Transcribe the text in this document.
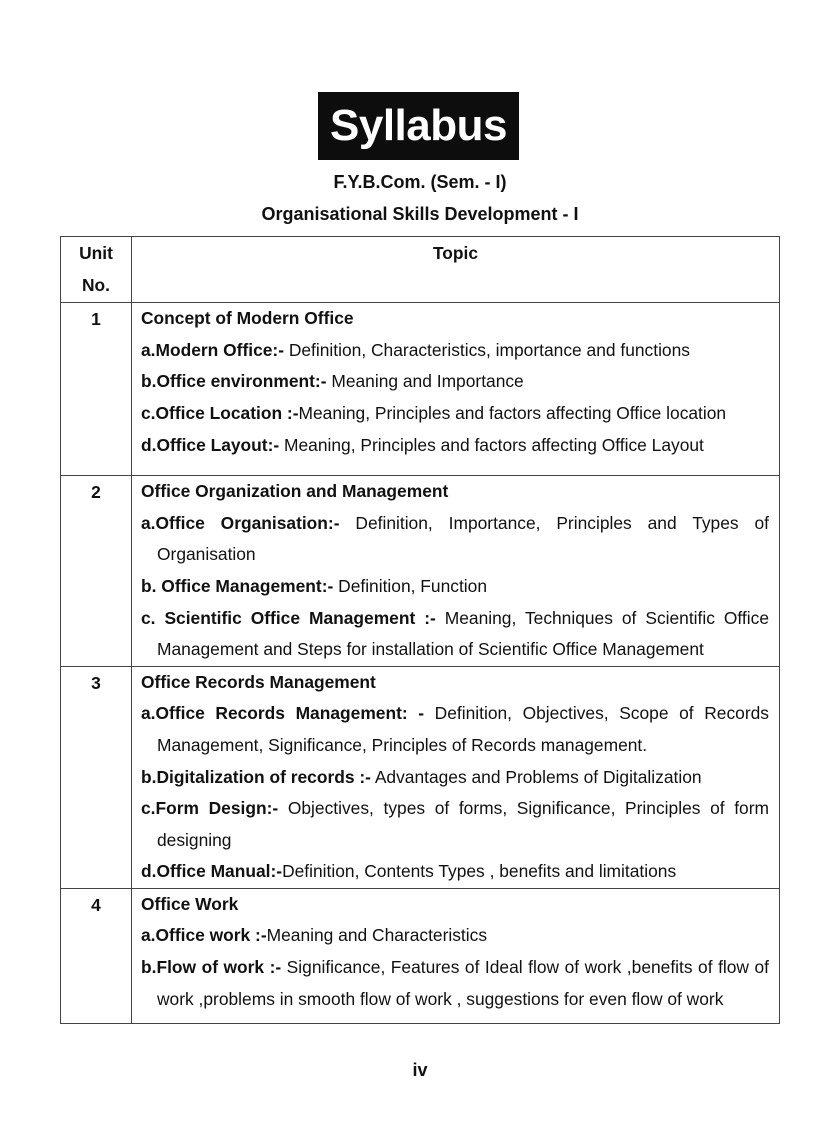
Syllabus
F.Y.B.Com. (Sem. - I)
Organisational Skills Development - I
Unit
No.	Topic
1	Concept of Modern Office
a.Modern Office:- Definition, Characteristics, importance and functions
b.Office environment:- Meaning and Importance
c.Office Location :-Meaning, Principles and factors affecting Office location
d.Office Layout:- Meaning, Principles and factors affecting Office Layout

2	Office Organization and Management
a.Office Organisation:- Definition, Importance, Principles and Types of Organisation
b. Office Management:- Definition, Function
c. Scientific Office Management :- Meaning, Techniques of Scientific Office Management and Steps for installation of Scientific Office Management

3	Office Records Management
a.Office Records Management: - Definition, Objectives, Scope of Records Management, Significance, Principles of Records management.
b.Digitalization of records :- Advantages and Problems of Digitalization
c.Form Design:- Objectives, types of forms, Significance, Principles of form designing
d.Office Manual:-Definition, Contents Types , benefits and limitations

4	Office Work
a.Office work :-Meaning and Characteristics
b.Flow of work :- Significance, Features of Ideal flow of work ,benefits of flow of work ,problems in smooth flow of work , suggestions for even flow of work
iv
